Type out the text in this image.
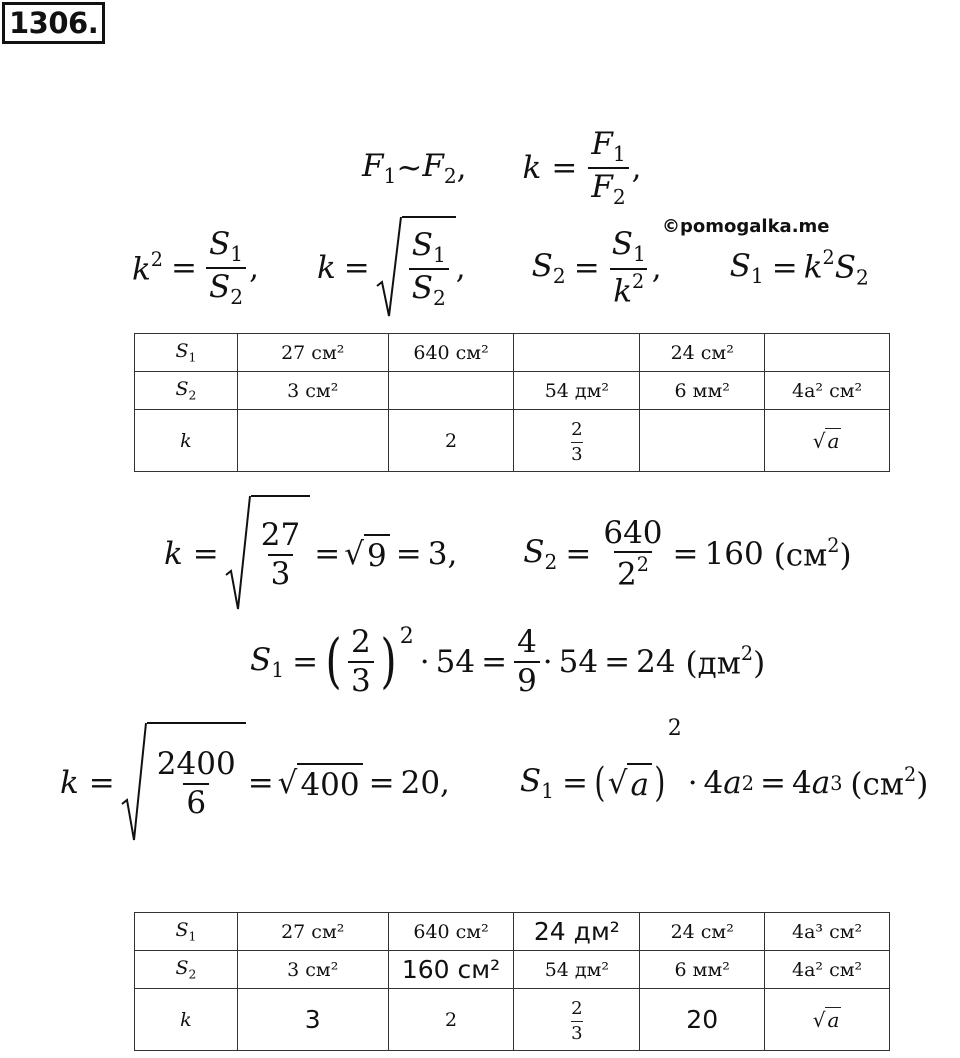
1306.
$F_1$ ~ $F_2$ , $k = \frac{F_1}{F_2}$ ,
©pomogalka.me
$k^2 = \frac{S_1}{S_2}$ , $k = \frac{S_1}{S_2}$ , $S_2 = \frac{S_1}{k^2}$ , $S_1 = k^2S_2$
$S_1$	27 см²	640 см²		24 см²	
$S_2$	3 см²		54 дм²	6 мм²	4a² см²
k		2	$\frac{2}{3}$		√ a
$k = \frac{27}{3}$ = √ 9 = 3 , $S_2 = \frac{640}{2^2} = 160$ $(см^2)$
$S_1$ = ( $\frac{2}{3}$ ) 2
· $54 = \frac{4}{9} \cdot 54 = 24$ $(дм^2)$
$k = \frac{2400}{6}$ = √ 400 = 20 , $S_1$ = ( √ a )
2
· 4 a 2 = 4 a 3 $(см^2)$
$S_1$	27 см²	640 см²	24 дм²	24 см²	4a³ см²
$S_2$	3 см²	160 см²	54 дм²	6 мм²	4a² см²
k	3	2	$\frac{2}{3}$	20	√ a
